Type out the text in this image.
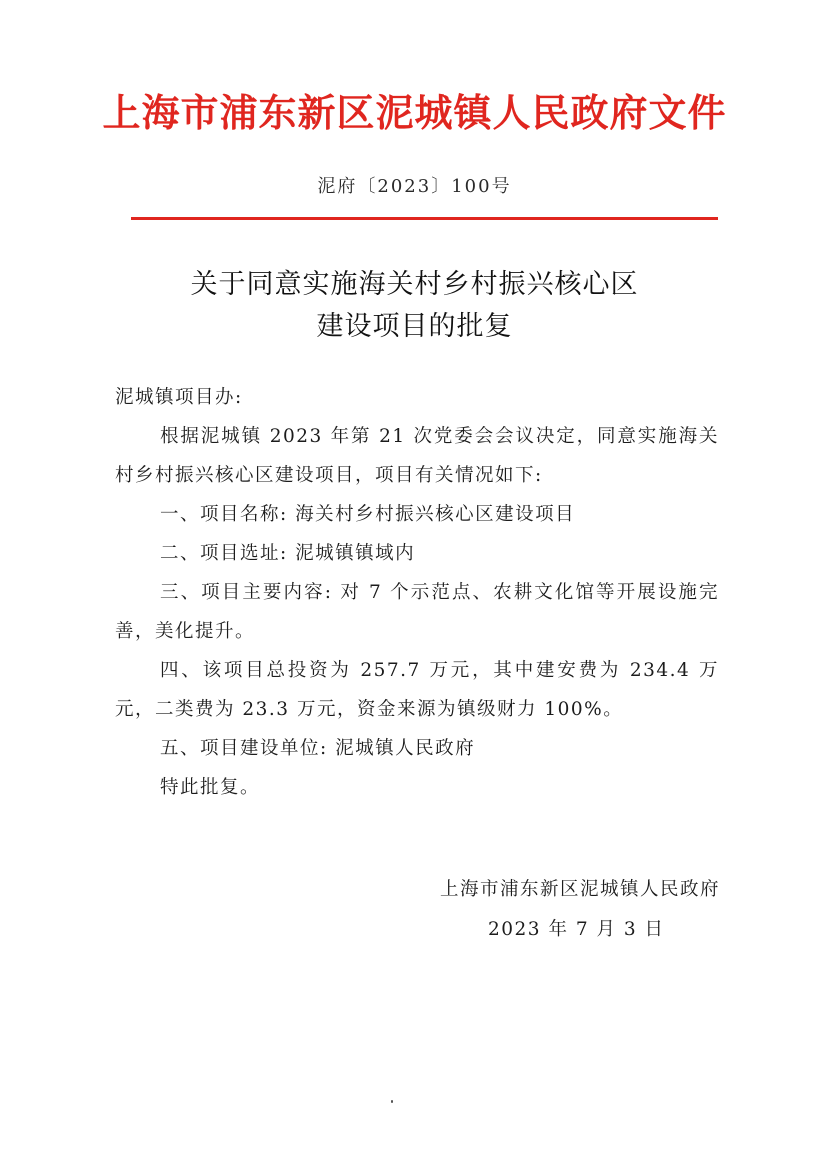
上海市浦东新区泥城镇人民政府文件
泥府〔2023〕100号
关于同意实施海关村乡村振兴核心区
建设项目的批复

泥城镇项目办:

根据泥城镇 2023 年第 21 次党委会会议决定，同意实施海关村乡村振兴核心区建设项目，项目有关情况如下:

一、项目名称: 海关村乡村振兴核心区建设项目

二、项目选址: 泥城镇镇域内

三、项目主要内容: 对 7 个示范点、农耕文化馆等开展设施完善，美化提升。

四、该项目总投资为 257.7 万元，其中建安费为 234.4 万元，二类费为 23.3 万元，资金来源为镇级财力 100%。

五、项目建设单位: 泥城镇人民政府

特此批复。

上海市浦东新区泥城镇人民政府
2023 年 7 月 3 日
